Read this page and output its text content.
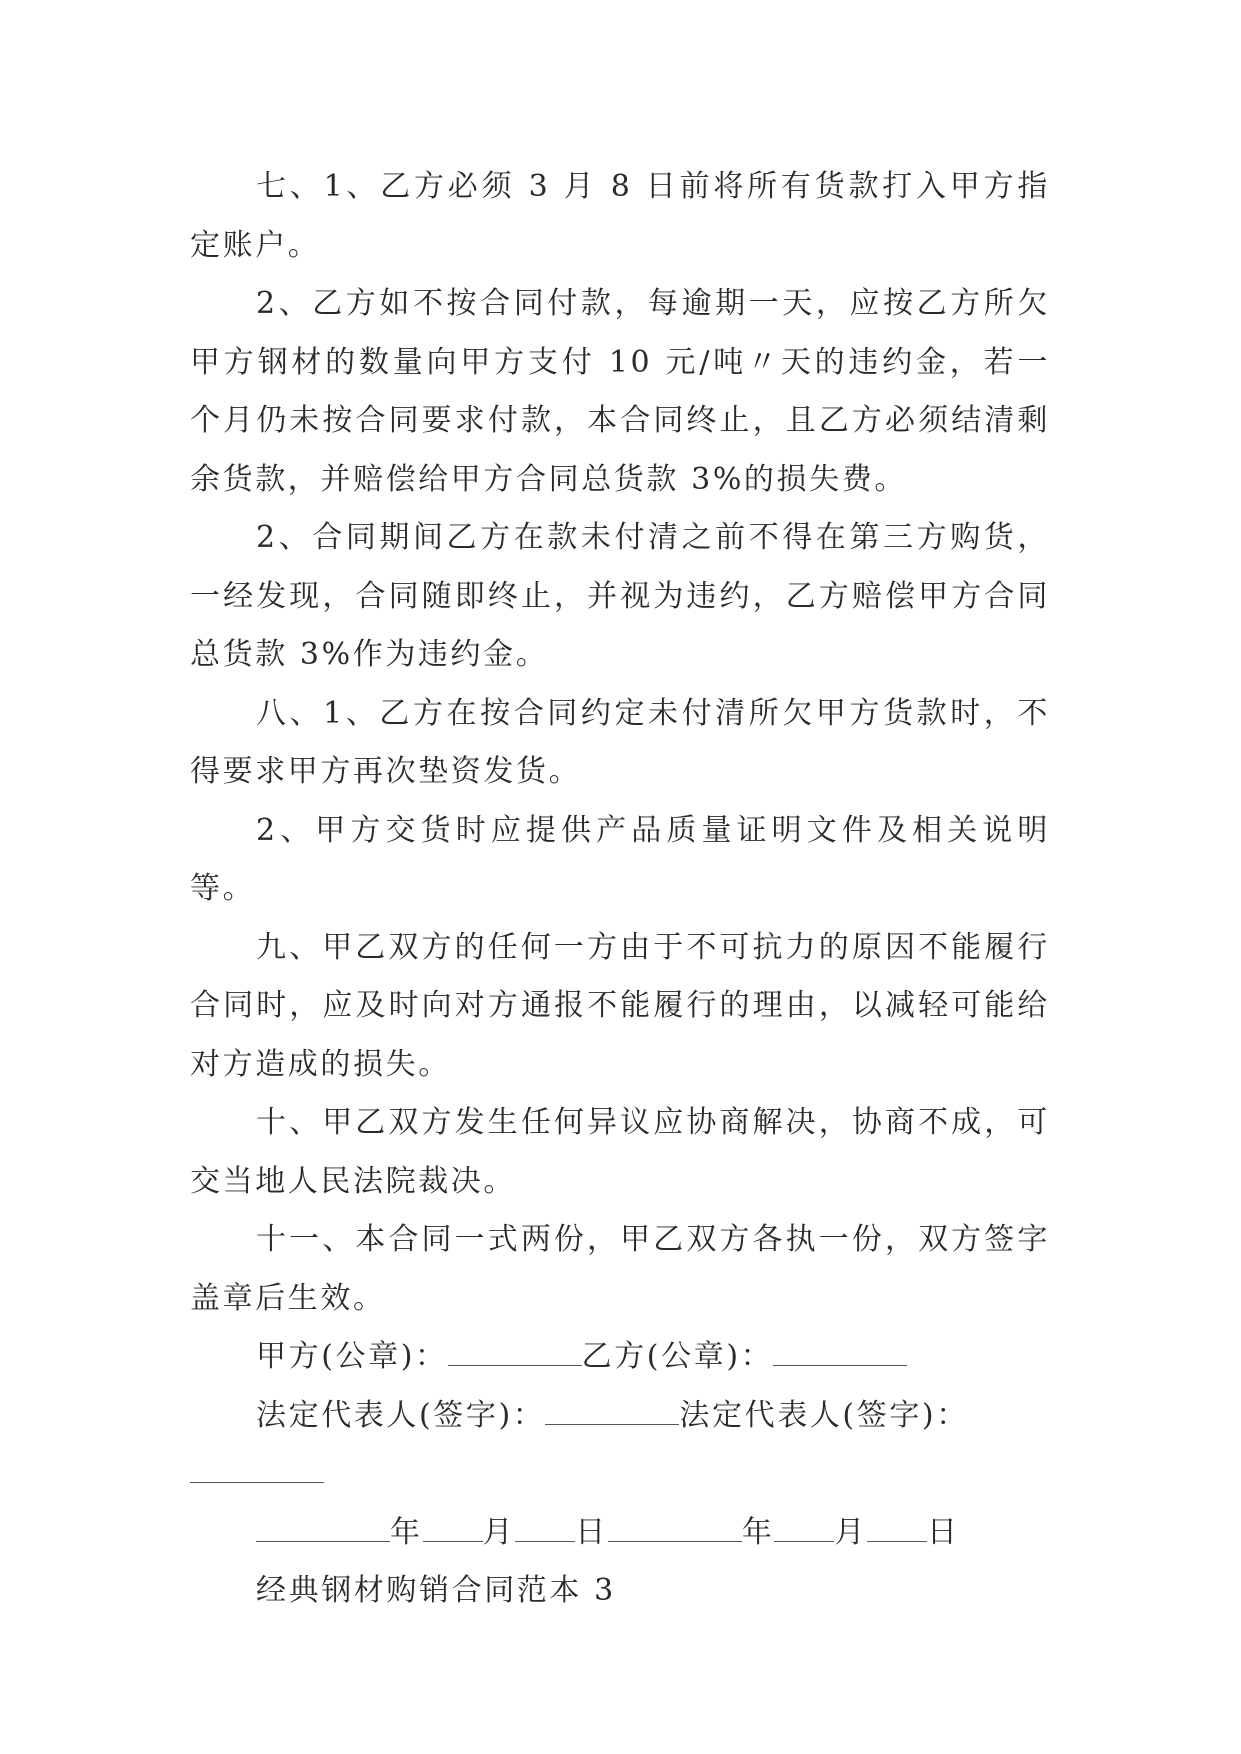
七、1、乙方必须 3 月 8 日前将所有货款打入甲方指定账户。

2、乙方如不按合同付款，每逾期一天，应按乙方所欠甲方钢材的数量向甲方支付 10 元/吨〃天的违约金，若一个月仍未按合同要求付款，本合同终止，且乙方必须结清剩余货款，并赔偿给甲方合同总货款 3%的损失费。

2、合同期间乙方在款未付清之前不得在第三方购货，一经发现，合同随即终止，并视为违约，乙方赔偿甲方合同总货款 3%作为违约金。

八、1、乙方在按合同约定未付清所欠甲方货款时，不得要求甲方再次垫资发货。

2、甲方交货时应提供产品质量证明文件及相关说明等。

九、甲乙双方的任何一方由于不可抗力的原因不能履行合同时，应及时向对方通报不能履行的理由，以减轻可能给对方造成的损失。

十、甲乙双方发生任何异议应协商解决，协商不成，可交当地人民法院裁决。

十一、本合同一式两份，甲乙双方各执一份，双方签字盖章后生效。

甲方(公章)：	乙方(公章)：

法定代表人(签字)：	法定代表人(签字)：

年 月 日	年 月 日

经典钢材购销合同范本 3
